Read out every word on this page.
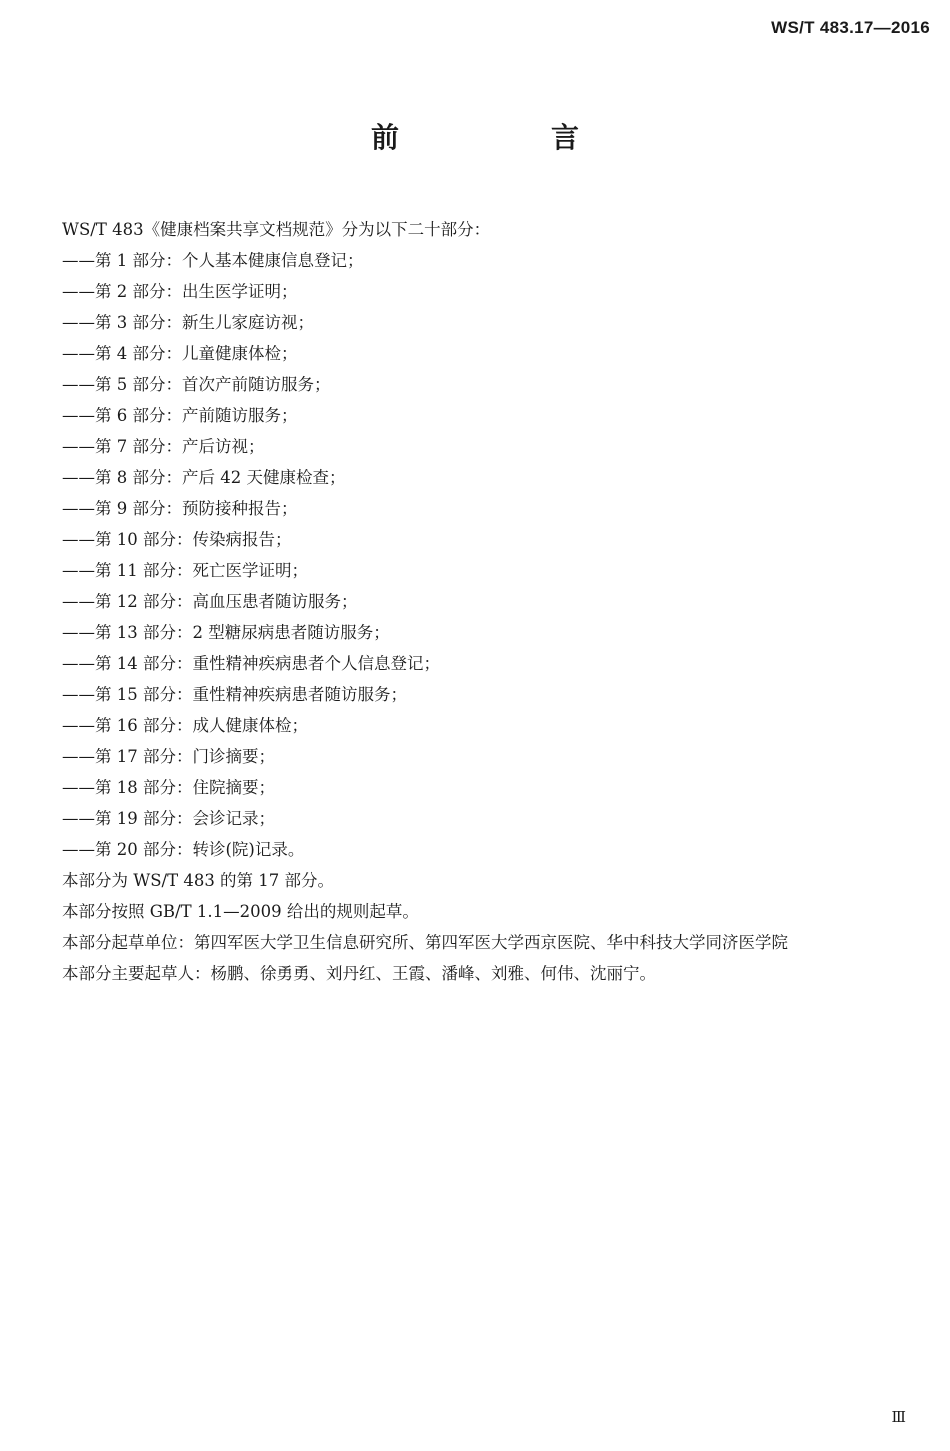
WS/T 483.17—2016
前　言

WS/T 483《健康档案共享文档规范》分为以下二十部分：

——第 1 部分：个人基本健康信息登记；

——第 2 部分：出生医学证明；

——第 3 部分：新生儿家庭访视；

——第 4 部分：儿童健康体检；

——第 5 部分：首次产前随访服务；

——第 6 部分：产前随访服务；

——第 7 部分：产后访视；

——第 8 部分：产后 42 天健康检查；

——第 9 部分：预防接种报告；

——第 10 部分：传染病报告；

——第 11 部分：死亡医学证明；

——第 12 部分：高血压患者随访服务；

——第 13 部分：2 型糖尿病患者随访服务；

——第 14 部分：重性精神疾病患者个人信息登记；

——第 15 部分：重性精神疾病患者随访服务；

——第 16 部分：成人健康体检；

——第 17 部分：门诊摘要；

——第 18 部分：住院摘要；

——第 19 部分：会诊记录；

——第 20 部分：转诊(院)记录。

本部分为 WS/T 483 的第 17 部分。

本部分按照 GB/T 1.1—2009 给出的规则起草。

本部分起草单位：第四军医大学卫生信息研究所、第四军医大学西京医院、华中科技大学同济医学院

本部分主要起草人：杨鹏、徐勇勇、刘丹红、王霞、潘峰、刘雅、何伟、沈丽宁。

Ⅲ
